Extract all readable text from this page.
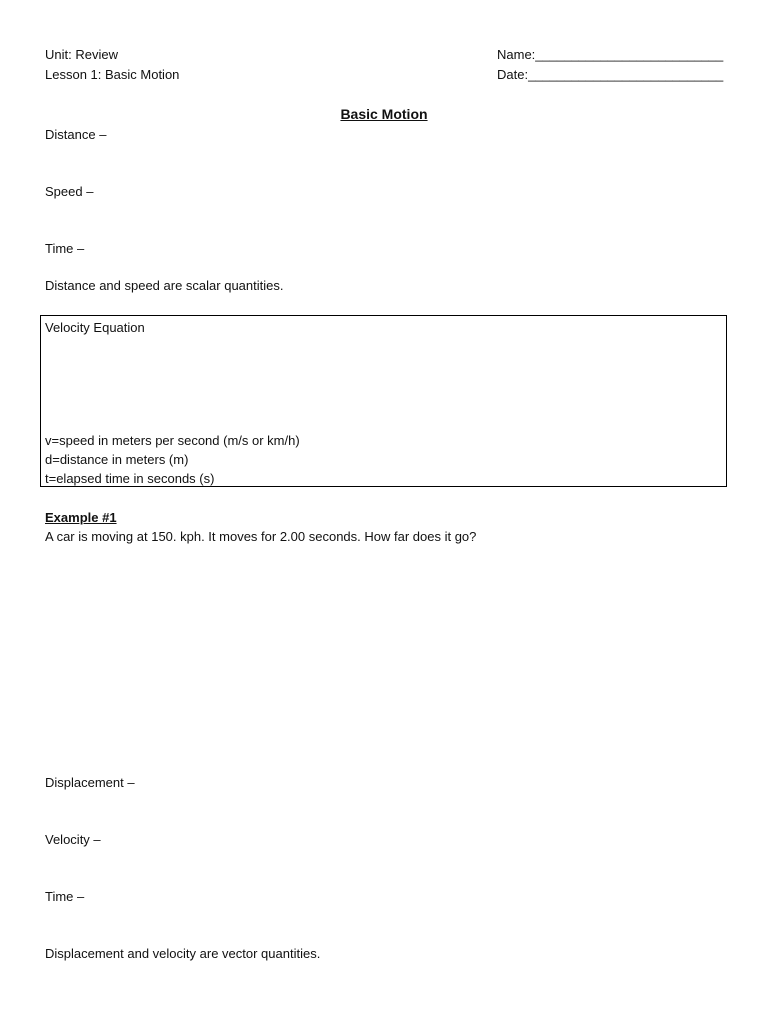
Unit: Review
Lesson 1: Basic Motion
Name:__________________________
Date:___________________________
Basic Motion
Distance –
Speed –
Time –
Distance and speed are scalar quantities.
Velocity Equation
v=speed in meters per second (m/s or km/h)
d=distance in meters (m)
t=elapsed time in seconds (s)
Example #1
A car is moving at 150. kph. It moves for 2.00 seconds. How far does it go?
Displacement –
Velocity –
Time –
Displacement and velocity are vector quantities.
